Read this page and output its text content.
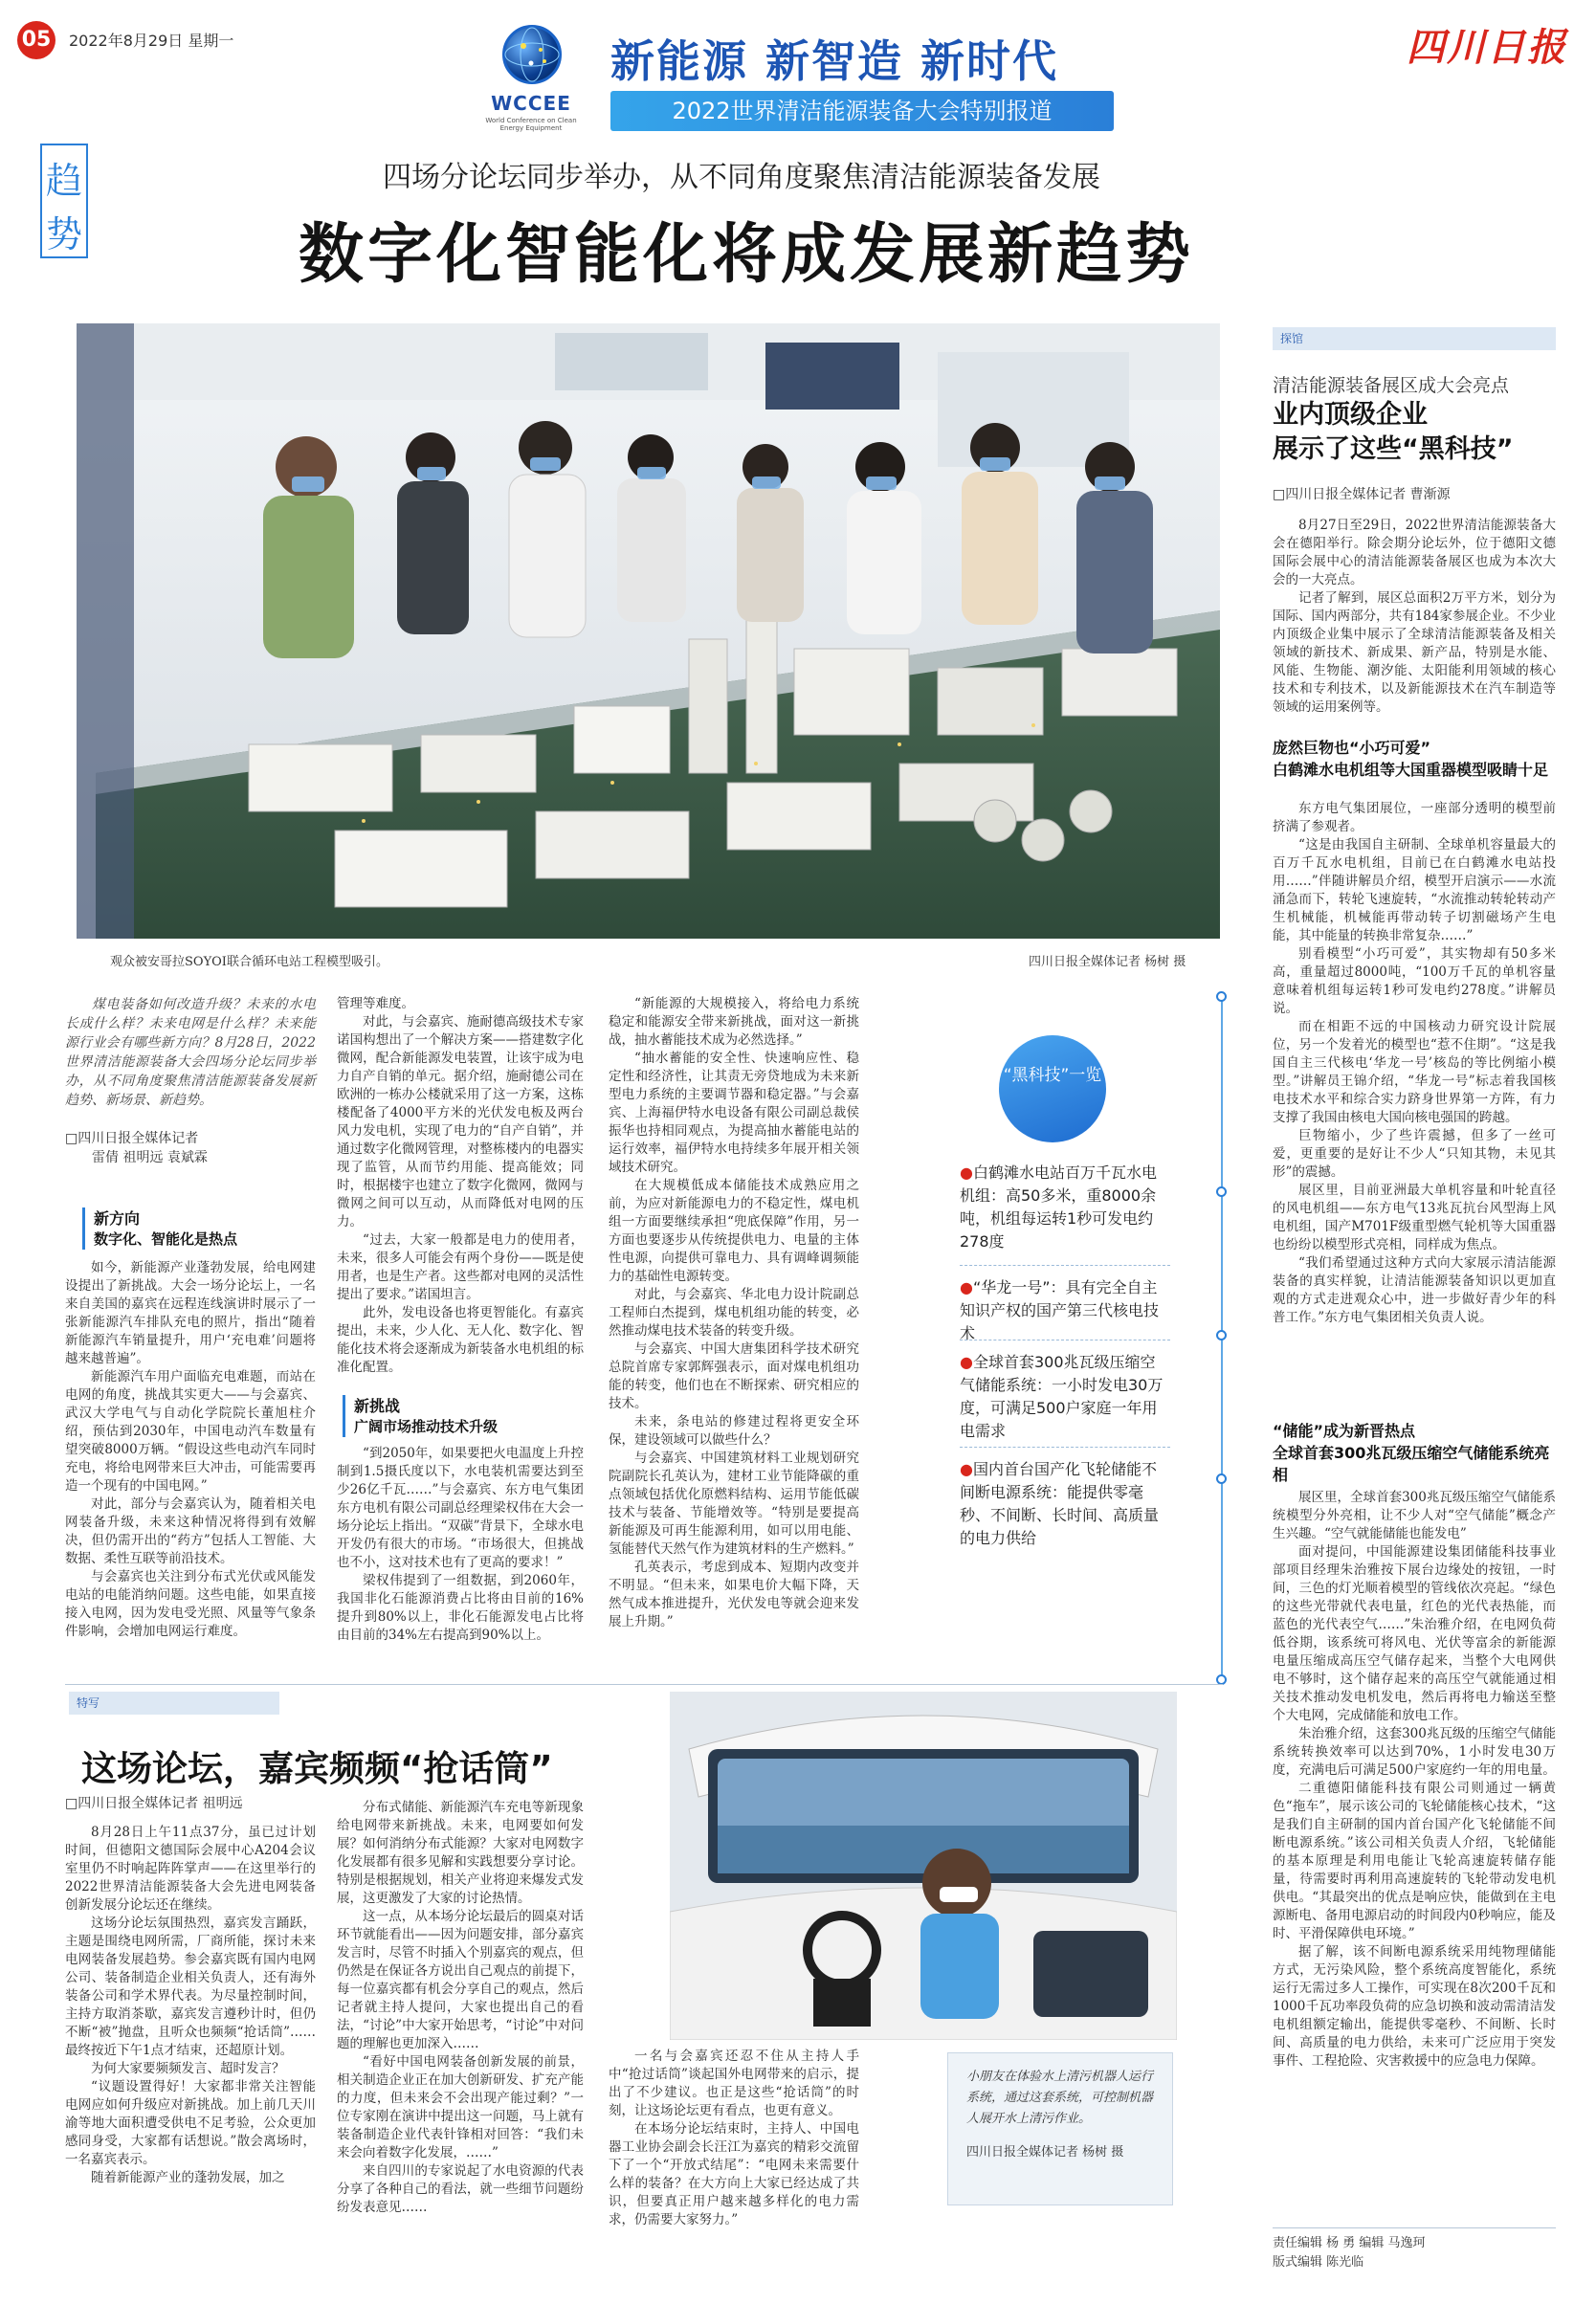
05 2022年8月29日 星期一	四川日报
WCCEE
World Conference on Clean Energy Equipment
新能源 新智造 新时代
2022世界清洁能源装备大会特别报道
趋
势
四场分论坛同步举办，从不同角度聚焦清洁能源装备发展
数字化智能化将成发展新趋势
观众被安哥拉SOYOI联合循环电站工程模型吸引。	四川日报全媒体记者 杨树 摄
探馆
清洁能源装备展区成大会亮点
业内顶级企业
展示了这些“黑科技”
□四川日报全媒体记者 曹渐源

8月27日至29日，2022世界清洁能源装备大会在德阳举行。除会期分论坛外，位于德阳文德国际会展中心的清洁能源装备展区也成为本次大会的一大亮点。

记者了解到，展区总面积2万平方米，划分为国际、国内两部分，共有184家参展企业。不少业内顶级企业集中展示了全球清洁能源装备及相关领域的新技术、新成果、新产品，特别是水能、风能、生物能、潮汐能、太阳能利用领域的核心技术和专利技术，以及新能源技术在汽车制造等领域的运用案例等。

庞然巨物也“小巧可爱”
白鹤滩水电机组等大国重器模型吸睛十足

东方电气集团展位，一座部分透明的模型前挤满了参观者。

“这是由我国自主研制、全球单机容量最大的百万千瓦水电机组，目前已在白鹤滩水电站投用……”伴随讲解员介绍，模型开启演示——水流涌急而下，转轮飞速旋转，“水流推动转轮转动产生机械能，机械能再带动转子切割磁场产生电能，其中能量的转换非常复杂……”

别看模型“小巧可爱”，其实物却有50多米高，重量超过8000吨，“100万千瓦的单机容量意味着机组每运转1秒可发电约278度。”讲解员说。

而在相距不远的中国核动力研究设计院展位，另一个发着光的模型也“惹不住期”。“这是我国自主三代核电‘华龙一号’核岛的等比例缩小模型。”讲解员王锦介绍，“华龙一号”标志着我国核电技术水平和综合实力跻身世界第一方阵，有力支撑了我国由核电大国向核电强国的跨越。

巨物缩小，少了些许震撼，但多了一丝可爱，更重要的是好让不少人“只知其物，未见其形”的震撼。

展区里，目前亚洲最大单机容量和叶轮直径的风电机组——东方电气13兆瓦抗台风型海上风电机组，国产M701F级重型燃气轮机等大国重器也纷纷以模型形式亮相，同样成为焦点。

“我们希望通过这种方式向大家展示清洁能源装备的真实样貌，让清洁能源装备知识以更加直观的方式走进观众心中，进一步做好青少年的科普工作。”东方电气集团相关负责人说。

“储能”成为新晋热点
全球首套300兆瓦级压缩空气储能系统亮相

展区里，全球首套300兆瓦级压缩空气储能系统模型分外亮相，让不少人对“空气储能”概念产生兴趣。“空气就能储能也能发电”

面对提问，中国能源建设集团储能科技事业部项目经理朱治雅按下展台边缘处的按钮，一时间，三色的灯光顺着模型的管线依次亮起。“绿色的这些光带就代表电量，红色的光代表热能，而蓝色的光代表空气……”朱治雅介绍，在电网负荷低谷期，该系统可将风电、光伏等富余的新能源电量压缩成高压空气储存起来，当整个大电网供电不够时，这个储存起来的高压空气就能通过相关技术推动发电机发电，然后再将电力输送至整个大电网，完成储能和放电工作。

朱治雅介绍，这套300兆瓦级的压缩空气储能系统转换效率可以达到70%，1小时发电30万度，充满电后可满足500户家庭约一年的用电量。

二重德阳储能科技有限公司则通过一辆黄色“拖车”，展示该公司的飞轮储能核心技术，“这是我们自主研制的国内首台国产化飞轮储能不间断电源系统。”该公司相关负责人介绍，飞轮储能的基本原理是利用电能让飞轮高速旋转储存能量，待需要时再利用高速旋转的飞轮带动发电机供电。“其最突出的优点是响应快，能做到在主电源断电、备用电源启动的时间段内0秒响应，能及时、平滑保障供电环境。”

据了解，该不间断电源系统采用纯物理储能方式，无污染风险，整个系统高度智能化，系统运行无需过多人工操作，可实现在8次200千瓦和1000千瓦功率段负荷的应急切换和波动需清洁发电机组额定输出，能提供零毫秒、不间断、长时间、高质量的电力供给，未来可广泛应用于突发事件、工程抢险、灾害救援中的应急电力保障。

责任编辑 杨 勇 编辑 马逸珂
版式编辑 陈光临
“黑科技”一览
●白鹤滩水电站百万千瓦水电机组：高50多米，重8000余吨，机组每运转1秒可发电约278度
●“华龙一号”：具有完全自主知识产权的国产第三代核电技术
●全球首套300兆瓦级压缩空气储能系统：一小时发电30万度，可满足500户家庭一年用电需求
●国内首台国产化飞轮储能不间断电源系统：能提供零毫秒、不间断、长时间、高质量的电力供给
煤电装备如何改造升级？未来的水电长成什么样？未来电网是什么样？未来能源行业会有哪些新方向？8月28日，2022世界清洁能源装备大会四场分论坛同步举办，从不同角度聚焦清洁能源装备发展新趋势、新场景、新趋势。
□四川日报全媒体记者
雷倩 祖明远 袁斌霖
新方向
数字化、智能化是热点

如今，新能源产业蓬勃发展，给电网建设提出了新挑战。大会一场分论坛上，一名来自美国的嘉宾在远程连线演讲时展示了一张新能源汽车排队充电的照片，指出“随着新能源汽车销量提升，用户‘充电难’问题将越来越普遍”。

新能源汽车用户面临充电难题，而站在电网的角度，挑战其实更大——与会嘉宾、武汉大学电气与自动化学院院长董旭柱介绍，预估到2030年，中国电动汽车数量有望突破8000万辆。“假设这些电动汽车同时充电，将给电网带来巨大冲击，可能需要再造一个现有的中国电网。”

对此，部分与会嘉宾认为，随着相关电网装备升级，未来这种情况将得到有效解决，但仍需开出的“药方”包括人工智能、大数据、柔性互联等前沿技术。

与会嘉宾也关注到分布式光伏或风能发电站的电能消纳问题。这些电能，如果直接接入电网，因为发电受光照、风量等气象条件影响，会增加电网运行难度。

管理等难度。

对此，与会嘉宾、施耐德高级技术专家诺国构想出了一个解决方案——搭建数字化微网，配合新能源发电装置，让该宇成为电力自产自销的单元。据介绍，施耐德公司在欧洲的一栋办公楼就采用了这一方案，这栋楼配备了4000平方米的光伏发电板及两台风力发电机，实现了电力的“自产自销”，并通过数字化微网管理，对整栋楼内的电器实现了监管，从而节约用能、提高能效；同时，根据楼宇也建立了数字化微网，微网与微网之间可以互动，从而降低对电网的压力。

“过去，大家一般都是电力的使用者，未来，很多人可能会有两个身份——既是使用者，也是生产者。这些都对电网的灵活性提出了要求。”诺国坦言。

此外，发电设备也将更智能化。有嘉宾提出，未来，少人化、无人化、数字化、智能化技术将会逐渐成为新装备水电机组的标准化配置。

新挑战
广阔市场推动技术升级

“到2050年，如果要把火电温度上升控制到1.5摄氏度以下，水电装机需要达到至少26亿千瓦……”与会嘉宾、东方电气集团东方电机有限公司副总经理梁权伟在大会一场分论坛上指出。“双碳”背景下，全球水电开发仍有很大的市场。“市场很大，但挑战也不小，这对技术也有了更高的要求！”

梁权伟提到了一组数据，到2060年，我国非化石能源消费占比将由目前的16%提升到80%以上，非化石能源发电占比将由目前的34%左右提高到90%以上。

“新能源的大规模接入，将给电力系统稳定和能源安全带来新挑战，面对这一新挑战，抽水蓄能技术成为必然选择。”

“抽水蓄能的安全性、快速响应性、稳定性和经济性，让其责无旁贷地成为未来新型电力系统的主要调节器和稳定器。”与会嘉宾、上海福伊特水电设备有限公司副总裁侯振华也持相同观点，为提高抽水蓄能电站的运行效率，福伊特水电持续多年展开相关领域技术研究。

在大规模低成本储能技术成熟应用之前，为应对新能源电力的不稳定性，煤电机组一方面要继续承担“兜底保障”作用，另一方面也要逐步从传统提供电力、电量的主体性电源，向提供可靠电力、具有调峰调频能力的基础性电源转变。

对此，与会嘉宾、华北电力设计院副总工程师白杰提到，煤电机组功能的转变，必然推动煤电技术装备的转变升级。

与会嘉宾、中国大唐集团科学技术研究总院首席专家郭辉强表示，面对煤电机组功能的转变，他们也在不断探索、研究相应的技术。

未来，条电站的修建过程将更安全环保，建设领域可以做些什么？

与会嘉宾、中国建筑材料工业规划研究院副院长孔英认为，建材工业节能降碳的重点领域包括优化原燃料结构、运用节能低碳技术与装备、节能增效等。“特别是要提高新能源及可再生能源利用，如可以用电能、氢能替代天然气作为建筑材料的生产燃料。”

孔英表示，考虑到成本、短期内改变并不明显。“但未来，如果电价大幅下降，天然气成本推进提升，光伏发电等就会迎来发展上升期。”

特写
这场论坛，嘉宾频频“抢话筒”
□四川日报全媒体记者 祖明远

8月28日上午11点37分，虽已过计划时间，但德阳文德国际会展中心A204会议室里仍不时响起阵阵掌声——在这里举行的2022世界清洁能源装备大会先进电网装备创新发展分论坛还在继续。

这场分论坛氛围热烈，嘉宾发言踊跃，主题是围绕电网所需，厂商所能，探讨未来电网装备发展趋势。参会嘉宾既有国内电网公司、装备制造企业相关负责人，还有海外装备公司和学术界代表。为尽量控制时间，主持方取消茶歇，嘉宾发言遵秒计时，但仍不断“被”抛盘，且听众也频频“抢话筒”……最终按近下午1点才结束，还超原计划。

为何大家要频频发言、超时发言？

“议题设置得好！大家都非常关注智能电网应如何升级应对新挑战。加上前几天川渝等地大面积遭受供电不足考验，公众更加感同身受，大家都有话想说。”散会离场时，一名嘉宾表示。

随着新能源产业的蓬勃发展，加之

分布式储能、新能源汽车充电等新现象给电网带来新挑战。未来，电网要如何发展？如何消纳分布式能源？大家对电网数字化发展都有很多见解和实践想要分享讨论。特别是根据规划，相关产业将迎来爆发式发展，这更激发了大家的讨论热情。

这一点，从本场分论坛最后的圆桌对话环节就能看出——因为问题安排，部分嘉宾发言时，尽管不时插入个别嘉宾的观点，但仍然是在保证各方说出自己观点的前提下，每一位嘉宾都有机会分享自己的观点，然后记者就主持人提问，大家也提出自己的看法，“讨论”中大家开始思考，“讨论”中对问题的理解也更加深入……

“看好中国电网装备创新发展的前景，相关制造企业正在加大创新研发、扩充产能的力度，但未来会不会出现产能过剩？”一位专家刚在演讲中提出这一问题，马上就有装备制造企业代表针锋相对回答：“我们未来会向着数字化发展，……”

来自四川的专家说起了水电资源的代表分享了各种自己的看法，就一些细节问题纷纷发表意见……

一名与会嘉宾还忍不住从主持人手中“抢过话筒”谈起国外电网带来的启示，提出了不少建议。也正是这些“抢话筒”的时刻，让这场论坛更有看点，也更有意义。

在本场分论坛结束时，主持人、中国电器工业协会副会长汪江为嘉宾的精彩交流留下了一个“开放式结尾”：“电网未来需要什么样的装备？在大方向上大家已经达成了共识，但要真正用户越来越多样化的电力需求，仍需要大家努力。”

小朋友在体验水上清污机器人运行系统，通过这套系统，可控制机器人展开水上清污作业。
四川日报全媒体记者 杨树 摄
